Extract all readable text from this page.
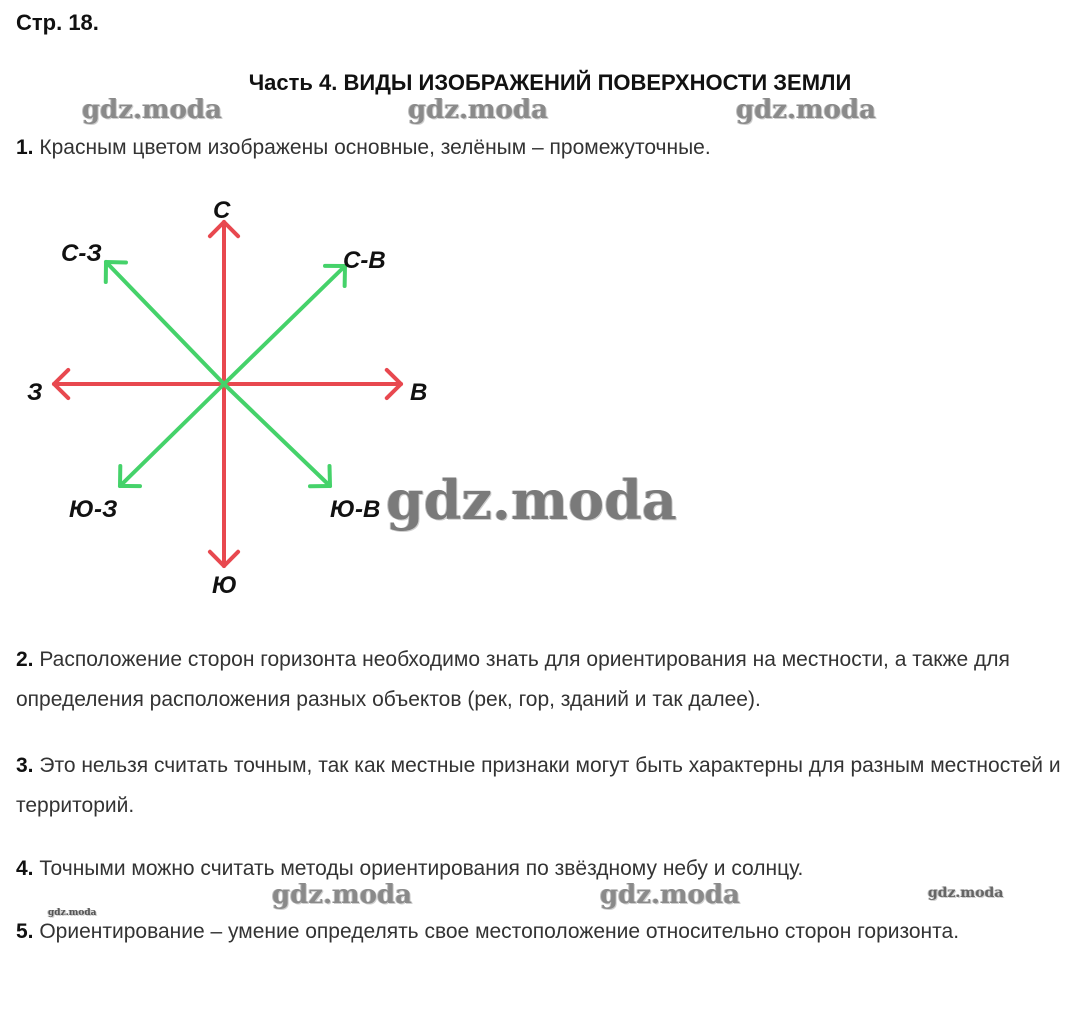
Стр. 18.
Часть 4. ВИДЫ ИЗОБРАЖЕНИЙ ПОВЕРХНОСТИ ЗЕМЛИ
gdz.moda	gdz.moda	gdz.moda
1. Красным цветом изображены основные, зелёным – промежуточные.
С
Ю
В
З
С-В
С-З
Ю-В
Ю-З	gdz.moda
2. Расположение сторон горизонта необходимо знать для ориентирования на местности, а также для определения расположения разных объектов (рек, гор, зданий и так далее).
3. Это нельзя считать точным, так как местные признаки могут быть характерны для разным местностей и территорий.
4. Точными можно считать методы ориентирования по звёздному небу и солнцу.
gdz.moda	gdz.moda	gdz.moda
gdz.moda
5. Ориентирование – умение определять свое местоположение относительно сторон горизонта.
